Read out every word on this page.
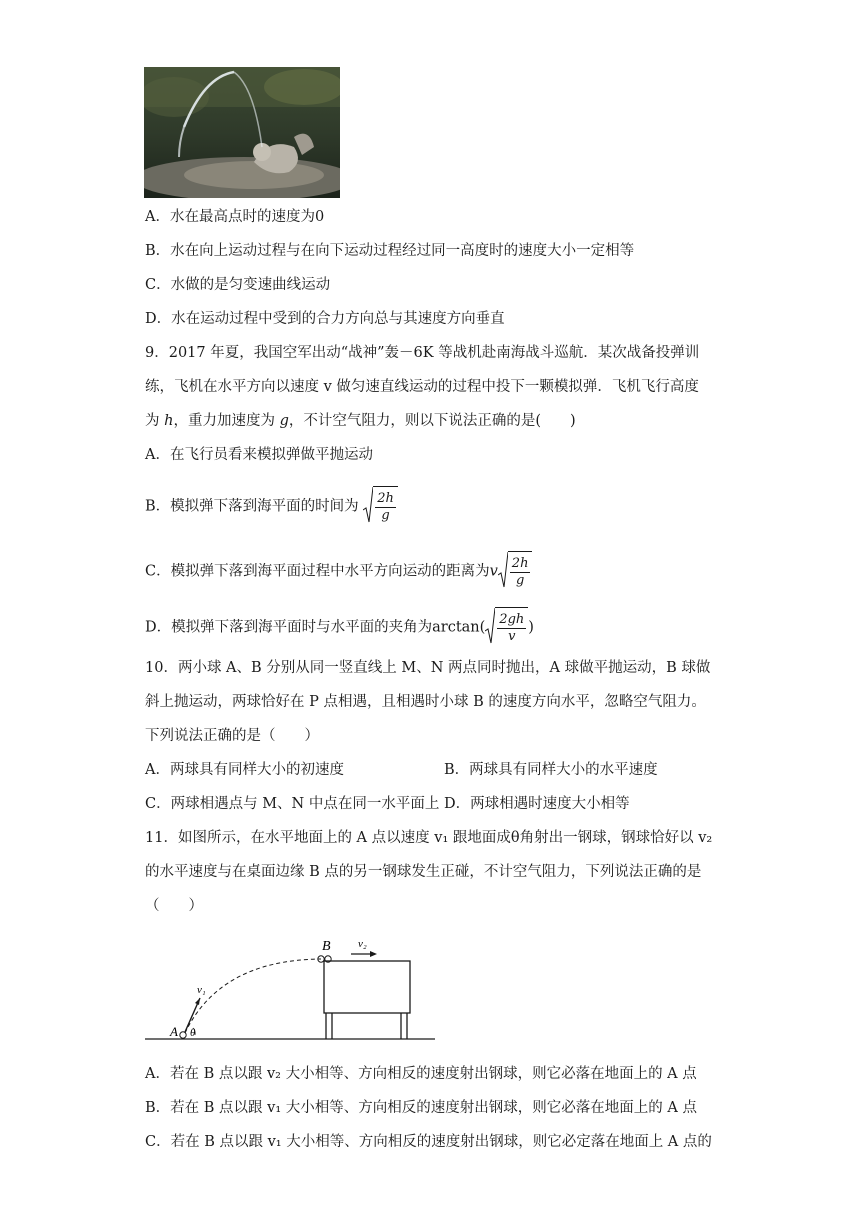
A．水在最高点时的速度为0
B．水在向上运动过程与在向下运动过程经过同一高度时的速度大小一定相等
C．水做的是匀变速曲线运动
D．水在运动过程中受到的合力方向总与其速度方向垂直
9．2017 年夏，我国空军出动“战神”轰－6K 等战机赴南海战斗巡航．某次战备投弹训
练，飞机在水平方向以速度 v 做匀速直线运动的过程中投下一颗模拟弹．飞机飞行高度
为 h，重力加速度为 g，不计空气阻力，则以下说法正确的是(　　)
A．在飞行员看来模拟弹做平抛运动
B．模拟弹下落到海平面的时间为 $\frac{2h}{g}$
C．模拟弹下落到海平面过程中水平方向运动的距离为v $\frac{2h}{g}$
D．模拟弹下落到海平面时与水平面的夹角为$\arctan( \frac{2gh}{v}$ )
10．两小球 A、B 分别从同一竖直线上 M、N 两点同时抛出，A 球做平抛运动，B 球做
斜上抛运动，两球恰好在 P 点相遇，且相遇时小球 B 的速度方向水平，忽略空气阻力。
下列说法正确的是（　　）
A．两球具有同样大小的初速度	B．两球具有同样大小的水平速度
C．两球相遇点与 M、N 中点在同一水平面上 D．两球相遇时速度大小相等
11．如图所示，在水平地面上的 A 点以速度 v₁ 跟地面成θ角射出一钢球，钢球恰好以 v₂
的水平速度与在桌面边缘 B 点的另一钢球发生正碰，不计空气阻力，下列说法正确的是
（　　）
B v₂
v₁
A θ
A．若在 B 点以跟 v₂ 大小相等、方向相反的速度射出钢球，则它必落在地面上的 A 点
B．若在 B 点以跟 v₁ 大小相等、方向相反的速度射出钢球，则它必落在地面上的 A 点
C．若在 B 点以跟 v₁ 大小相等、方向相反的速度射出钢球，则它必定落在地面上 A 点的
